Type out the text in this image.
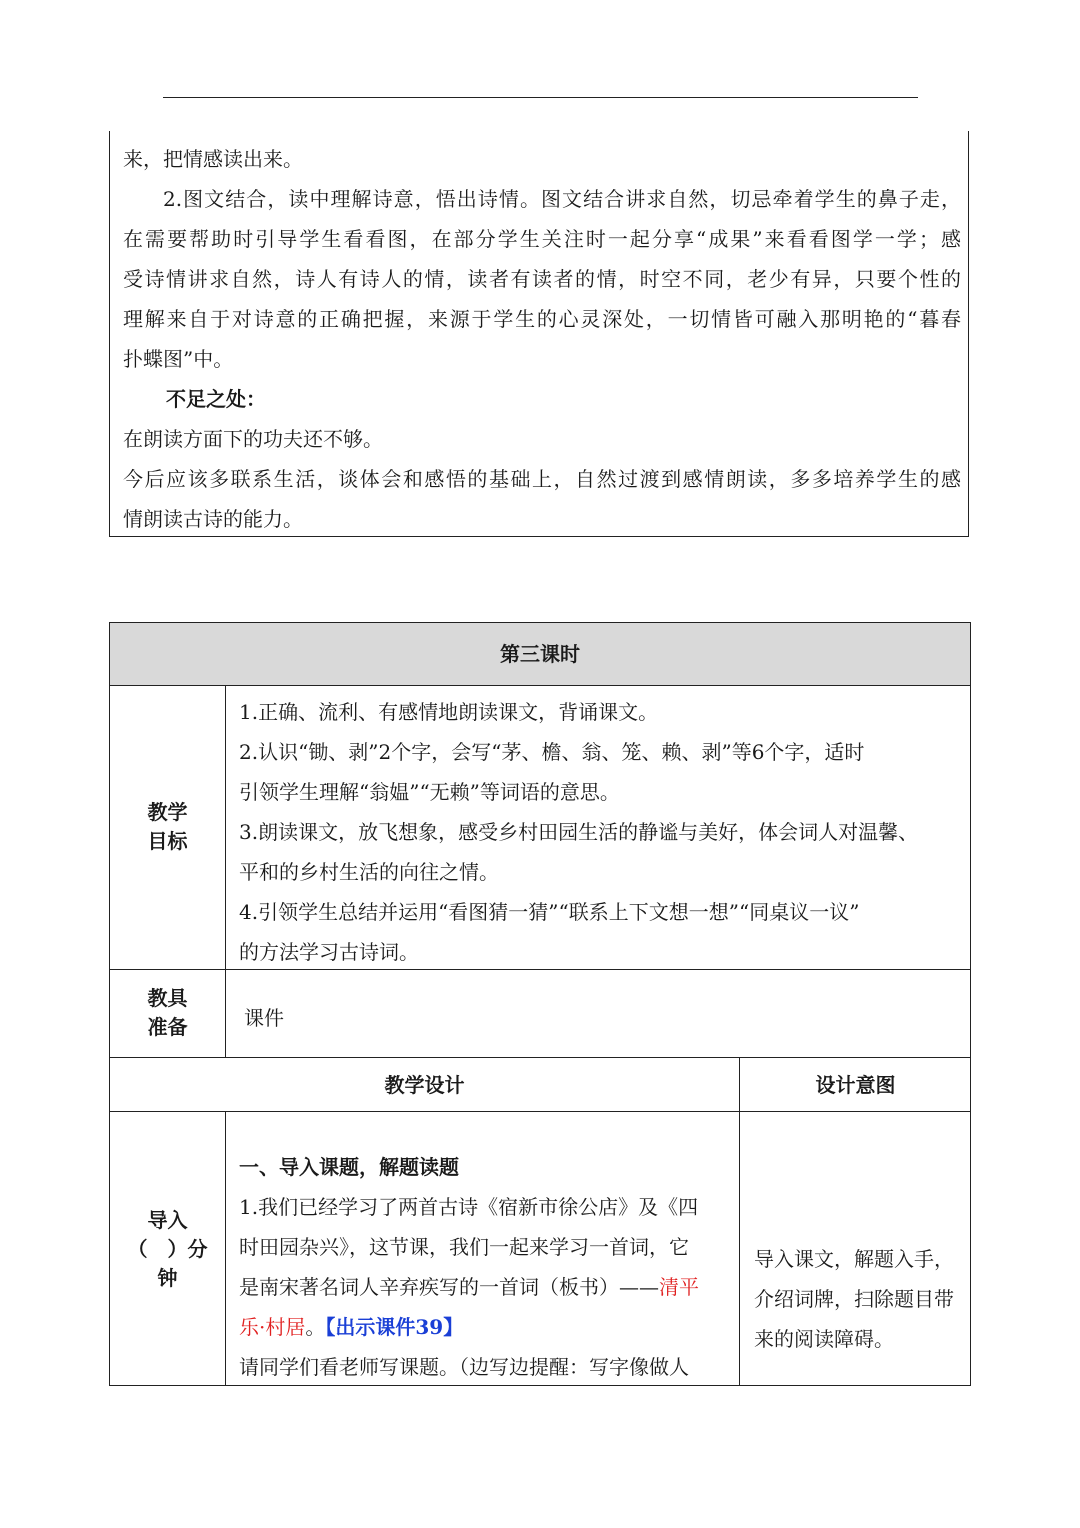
来，把情感读出来。
2.图文结合，读中理解诗意，悟出诗情。图文结合讲求自然，切忌牵着学生的鼻子走，
在需要帮助时引导学生看看图，在部分学生关注时一起分享“成果”来看看图学一学；感
受诗情讲求自然，诗人有诗人的情，读者有读者的情，时空不同，老少有异，只要个性的
理解来自于对诗意的正确把握，来源于学生的心灵深处，一切情皆可融入那明艳的“暮春
扑蝶图”中。
不足之处：
在朗读方面下的功夫还不够。
今后应该多联系生活，谈体会和感悟的基础上，自然过渡到感情朗读，多多培养学生的感
情朗读古诗的能力。
第三课时
教学
目标
1.正确、流利、有感情地朗读课文，背诵课文。
2.认识“锄、剥”2个字，会写“茅、檐、翁、笼、赖、剥”等6个字，适时
引领学生理解“翁媪”“无赖”等词语的意思。
3.朗读课文，放飞想象，感受乡村田园生活的静谧与美好，体会词人对温馨、
平和的乡村生活的向往之情。
4.引领学生总结并运用“看图猜一猜”“联系上下文想一想”“同桌议一议”
的方法学习古诗词。
教具
准备	课件
教学设计	设计意图
导入
（　）分
钟
一、导入课题，解题读题
1.我们已经学习了两首古诗《宿新市徐公店》及《四
时田园杂兴》，这节课，我们一起来学习一首词，它
是南宋著名词人辛弃疾写的一首词（板书）——清平
乐·村居。【出示课件39】
请同学们看老师写课题。（边写边提醒：写字像做人
导入课文，解题入手，
介绍词牌，扫除题目带
来的阅读障碍。
